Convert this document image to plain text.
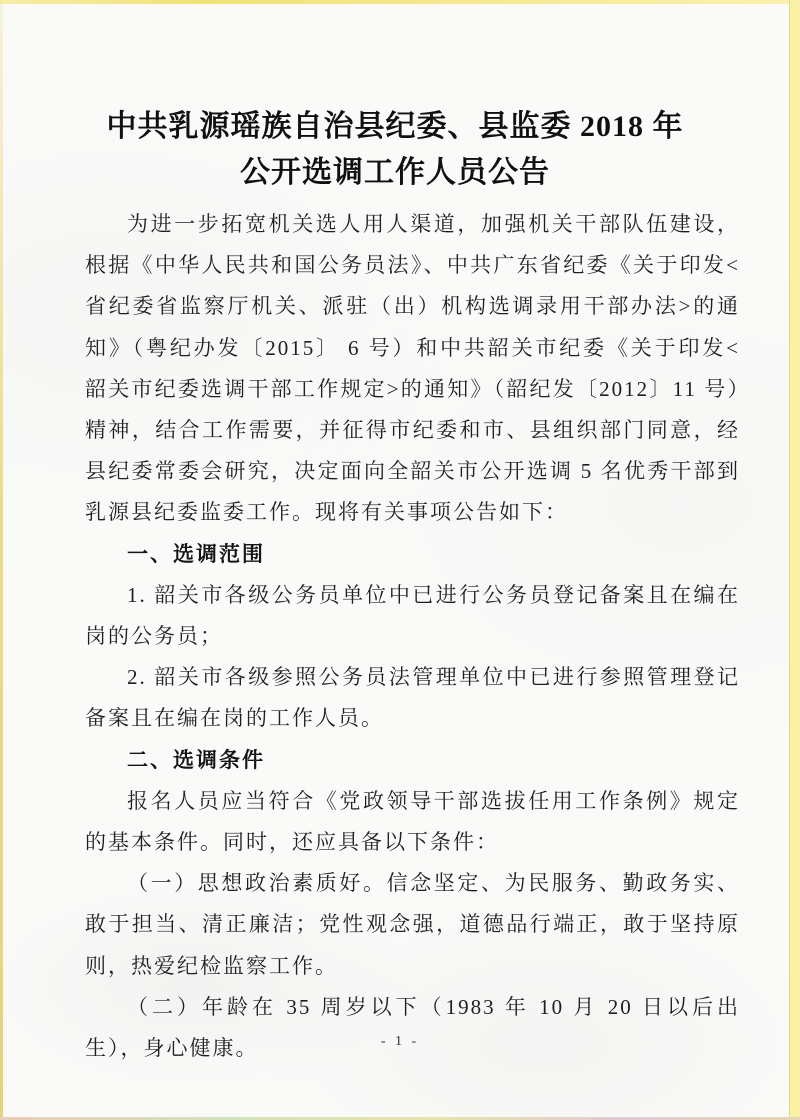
中共乳源瑶族自治县纪委、县监委 2018 年
公开选调工作人员公告

为进一步拓宽机关选人用人渠道，加强机关干部队伍建设，根据《中华人民共和国公务员法》、中共广东省纪委《关于印发<省纪委省监察厅机关、派驻（出）机构选调录用干部办法>的通知》（粤纪办发〔2015〕 6 号）和中共韶关市纪委《关于印发<韶关市纪委选调干部工作规定>的通知》（韶纪发〔2012〕11 号）精神，结合工作需要，并征得市纪委和市、县组织部门同意，经县纪委常委会研究，决定面向全韶关市公开选调 5 名优秀干部到乳源县纪委监委工作。现将有关事项公告如下：

一、选调范围

1. 韶关市各级公务员单位中已进行公务员登记备案且在编在岗的公务员；

2. 韶关市各级参照公务员法管理单位中已进行参照管理登记备案且在编在岗的工作人员。

二、选调条件

报名人员应当符合《党政领导干部选拔任用工作条例》规定的基本条件。同时，还应具备以下条件：

（一）思想政治素质好。信念坚定、为民服务、勤政务实、敢于担当、清正廉洁；党性观念强，道德品行端正，敢于坚持原则，热爱纪检监察工作。

（二）年龄在 35 周岁以下（1983 年 10 月 20 日以后出生），身心健康。	- 1 -
